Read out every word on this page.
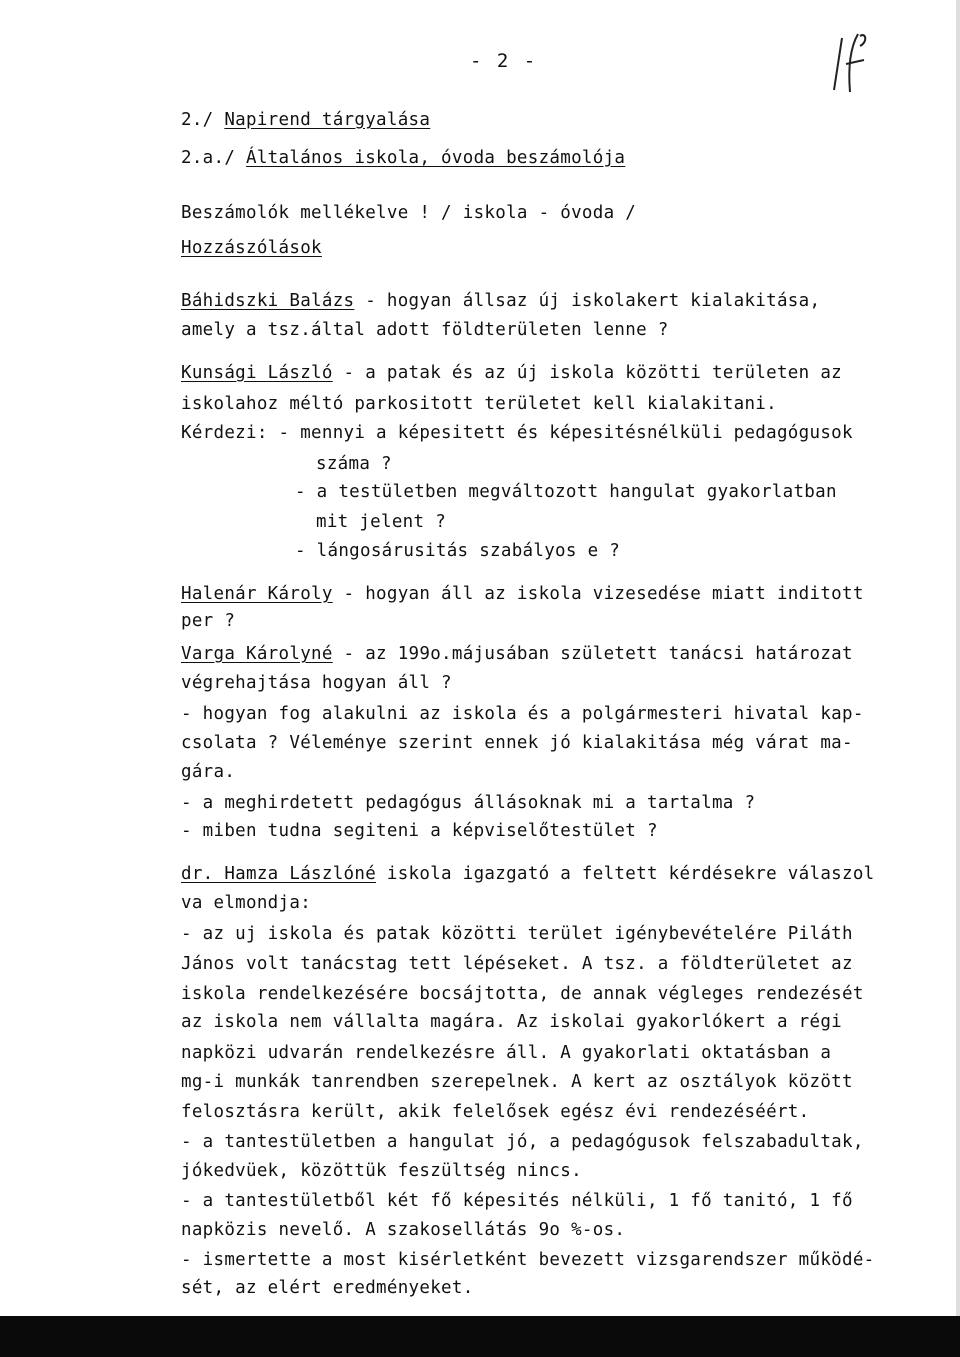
- 2 -
2./ Napirend tárgyalása
2.a./ Általános iskola, óvoda beszámolója
Beszámolók mellékelve ! / iskola - óvoda /
Hozzászólások
Báhidszki Balázs - hogyan állsaz új iskolakert kialakitása,
amely a tsz.által adott földterületen lenne ?
Kunsági László - a patak és az új iskola közötti területen az
iskolahoz méltó parkositott területet kell kialakitani.
Kérdezi: - mennyi a képesitett és képesitésnélküli pedagógusok
számа ?
- a testületben megváltozott hangulat gyakorlatban
mit jelent ?
- lángosárusitás szabályos e ?
Halenár Károly - hogyan áll az iskola vizesedése miatt inditott
per ?
Varga Károlyné - az 199o.májusában született tanácsi határozat
végrehajtása hogyan áll ?
- hogyan fog alakulni az iskola és a polgármesteri hivatal kap-
csolata ? Véleménye szerint ennek jó kialakitása még várat ma-
gára.
- a meghirdetett pedagógus állásoknak mi a tartalma ?
- miben tudna segiteni a képviselőtestület ?
dr. Hamza Lászlóné iskola igazgató a feltett kérdésekre válaszol
va elmondja:
- az uj iskola és patak közötti terület igénybevételére Piláth
János volt tanácstag tett lépéseket. A tsz. a földterületet az
iskola rendelkezésére bocsájtotta, de annak végleges rendezését
az iskola nem vállalta magára. Az iskolai gyakorlókert a régi
napközi udvarán rendelkezésre áll. A gyakorlati oktatásban a
mg-i munkák tanrendben szerepelnek. A kert az osztályok között
felosztásra került, akik felelősek egész évi rendezéséért.
- a tantestületben a hangulat jó, a pedagógusok felszabadultak,
jókedvüek, közöttük feszültség nincs.
- a tantestületből két fő képesités nélküli, 1 fő tanitó, 1 fő
napközis nevelő. A szakosellátás 9o %-os.
- ismertette a most kisérletként bevezett vizsgarendszer működé-
sét, az elért eredményeket.
